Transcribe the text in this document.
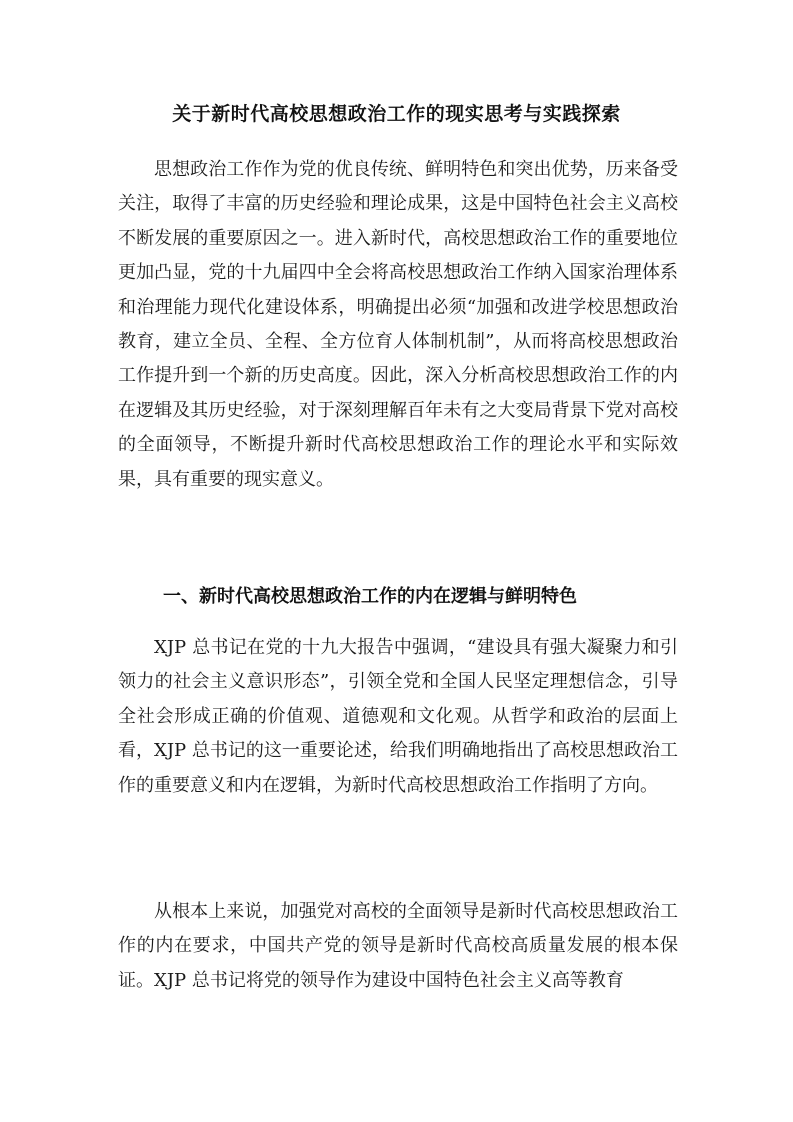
关于新时代高校思想政治工作的现实思考与实践探索

思想政治工作作为党的优良传统、鲜明特色和突出优势，历来备受关注，取得了丰富的历史经验和理论成果，这是中国特色社会主义高校不断发展的重要原因之一。进入新时代，高校思想政治工作的重要地位更加凸显，党的十九届四中全会将高校思想政治工作纳入国家治理体系和治理能力现代化建设体系，明确提出必须“加强和改进学校思想政治教育，建立全员、全程、全方位育人体制机制”，从而将高校思想政治工作提升到一个新的历史高度。因此，深入分析高校思想政治工作的内在逻辑及其历史经验，对于深刻理解百年未有之大变局背景下党对高校的全面领导，不断提升新时代高校思想政治工作的理论水平和实际效果，具有重要的现实意义。

一、新时代高校思想政治工作的内在逻辑与鲜明特色

XJP 总书记在党的十九大报告中强调，“建设具有强大凝聚力和引领力的社会主义意识形态”，引领全党和全国人民坚定理想信念，引导全社会形成正确的价值观、道德观和文化观。从哲学和政治的层面上看，XJP 总书记的这一重要论述，给我们明确地指出了高校思想政治工作的重要意义和内在逻辑，为新时代高校思想政治工作指明了方向。

从根本上来说，加强党对高校的全面领导是新时代高校思想政治工作的内在要求，中国共产党的领导是新时代高校高质量发展的根本保证。XJP 总书记将党的领导作为建设中国特色社会主义高等教育
